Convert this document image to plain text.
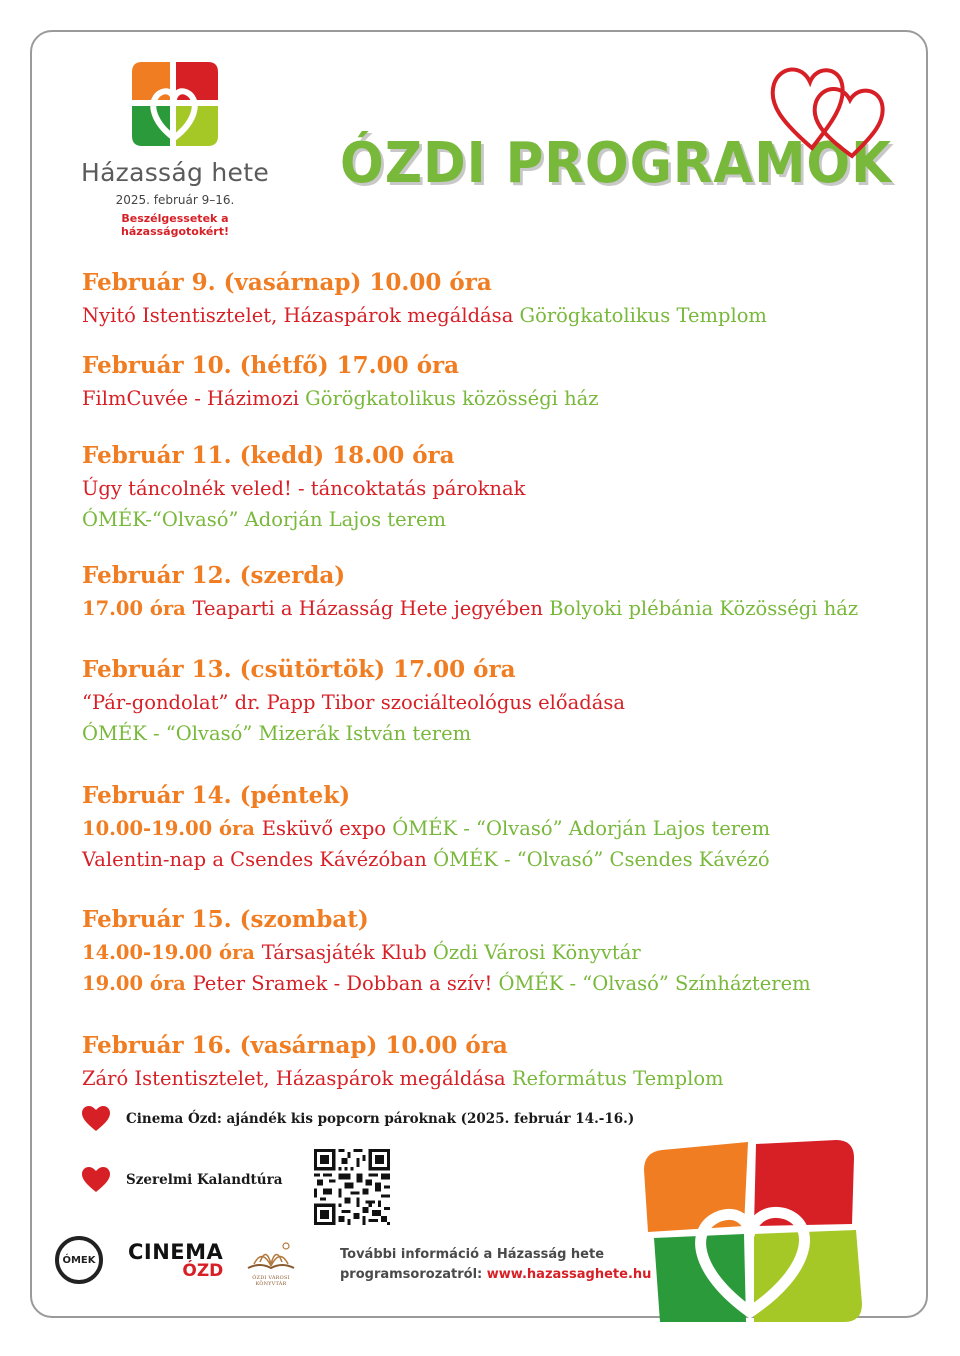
Házasság hete
2025. február 9–16.
Beszélgessetek a házasságotokért!
ÓZDI PROGRAMOK
Február 9. (vasárnap) 10.00 óra
Nyitó Istentisztelet, Házaspárok megáldása Görögkatolikus Templom
Február 10. (hétfő) 17.00 óra
FilmCuvée - Házimozi Görögkatolikus közösségi ház
Február 11. (kedd) 18.00 óra
Úgy táncolnék veled! - táncoktatás pároknak
ÓMÉK-“Olvasó” Adorján Lajos terem
Február 12. (szerda)
17.00 óra Teaparti a Házasság Hete jegyében Bolyoki plébánia Közösségi ház
Február 13. (csütörtök) 17.00 óra
“Pár-gondolat” dr. Papp Tibor szociálteológus előadása
ÓMÉK - “Olvasó” Mizerák István terem
Február 14. (péntek)
10.00-19.00 óra Esküvő expo ÓMÉK - “Olvasó” Adorján Lajos terem
Valentin-nap a Csendes Kávézóban ÓMÉK - “Olvasó” Csendes Kávézó
Február 15. (szombat)
14.00-19.00 óra Társasjáték Klub Ózdi Városi Könyvtár
19.00 óra Peter Sramek - Dobban a szív! ÓMÉK - “Olvasó” Színházterem
Február 16. (vasárnap) 10.00 óra
Záró Istentisztelet, Házaspárok megáldása Református Templom
Cinema Ózd: ajándék kis popcorn pároknak (2025. február 14.-16.)
Szerelmi Kalandtúra
ÓMEK	CINEMA
ÓZD	ÓZDI VÁROSI KÖNYVTÁR
További információ a Házasság hete
programsorozatról: www.hazassaghete.hu
